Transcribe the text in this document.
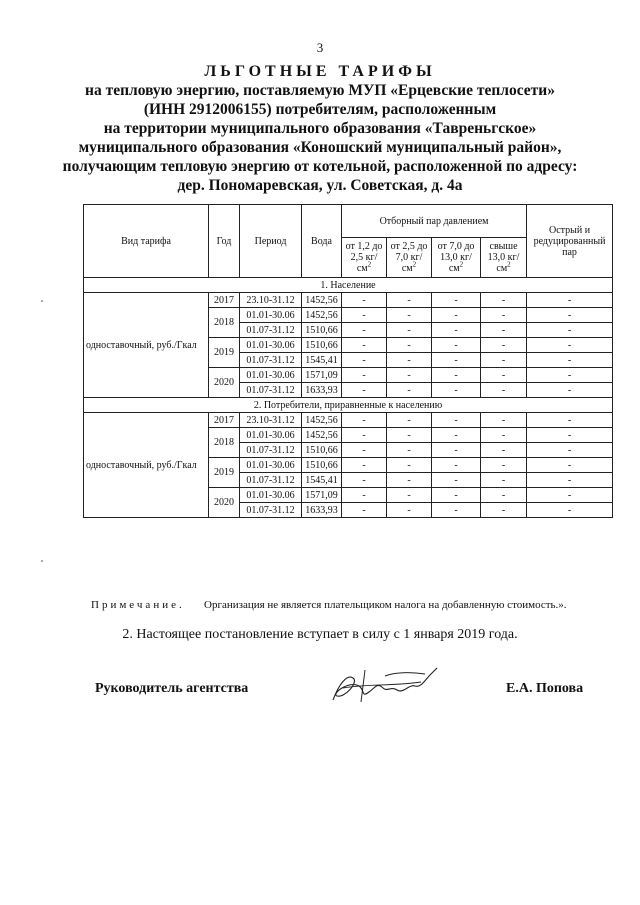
3
ЛЬГОТНЫЕ ТАРИФЫ
на тепловую энергию, поставляемую МУП «Ерцевские теплосети»
(ИНН 2912006155) потребителям, расположенным
на территории муниципального образования «Тавреньгское»
муниципального образования «Коношский муниципальный район»,
получающим тепловую энергию от котельной, расположенной по адресу:
дер. Пономаревская, ул. Советская, д. 4а
Вид тарифа	Год	Период	Вода	Отборный пар давлением				Острый и редуцированный пар
				от 1,2 до 2,5 $кг/см^2$	от 2,5 до 7,0 $кг/см^2$	от 7,0 до 13,0 $кг/см^2$	свыше 13,0 $кг/см^2$
1. Население								
одноставочный, руб./Гкал	2017	23.10-31.12	1452,56	-	-	-	-	-
	2018	01.01-30.06	1452,56	-	-	-	-	-
		01.07-31.12	1510,66	-	-	-	-	-
	2019	01.01-30.06	1510,66	-	-	-	-	-
		01.07-31.12	1545,41	-	-	-	-	-
	2020	01.01-30.06	1571,09	-	-	-	-	-
		01.07-31.12	1633,93	-	-	-	-	-
2. Потребители, приравненные к населению								
одноставочный, руб./Гкал	2017	23.10-31.12	1452,56	-	-	-	-	-
	2018	01.01-30.06	1452,56	-	-	-	-	-
		01.07-31.12	1510,66	-	-	-	-	-
	2019	01.01-30.06	1510,66	-	-	-	-	-
		01.07-31.12	1545,41	-	-	-	-	-
	2020	01.01-30.06	1571,09	-	-	-	-	-
		01.07-31.12	1633,93	-	-	-	-	-
Примечание. Организация не является плательщиком налога на добавленную стоимость.».
2. Настоящее постановление вступает в силу с 1 января 2019 года.
Руководитель агентства	Е.А. Попова
